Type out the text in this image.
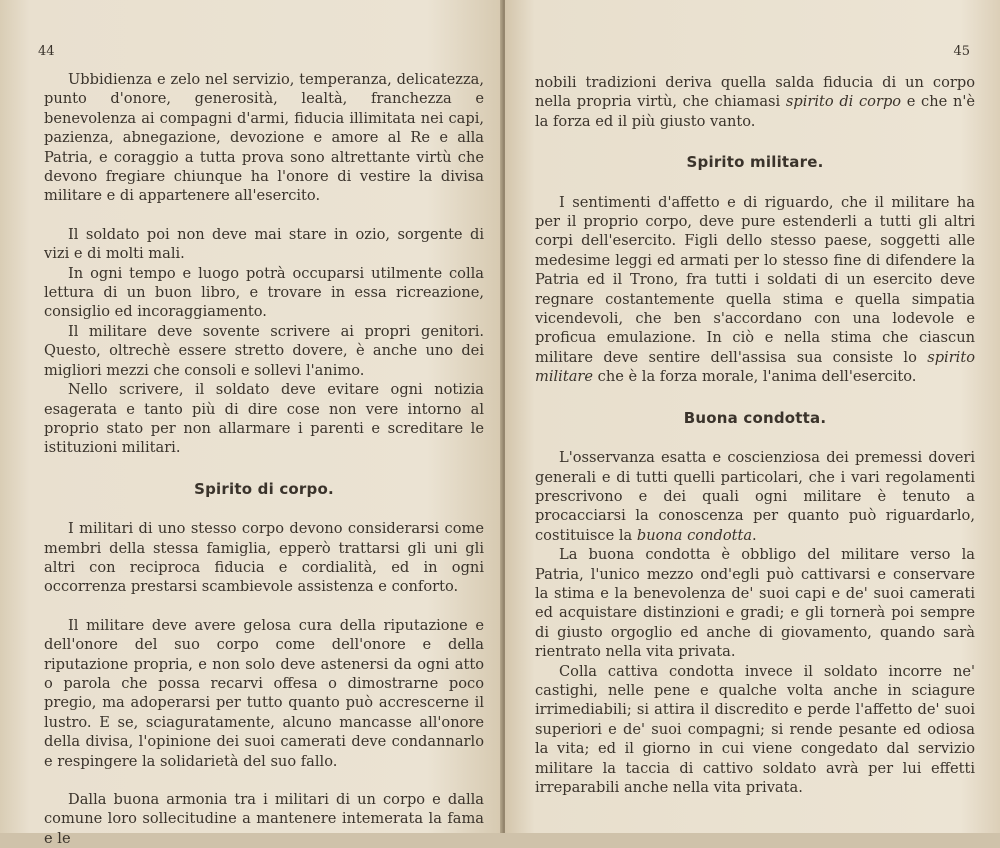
44

Ubbidienza e zelo nel servizio, temperanza, delicatezza, punto d'onore, generosità, lealtà, franchezza e benevolenza ai compagni d'armi, fiducia illimitata nei capi, pazienza, abnegazione, devozione e amore al Re e alla Patria, e coraggio a tutta prova sono altrettante virtù che devono fregiare chiunque ha l'onore di vestire la divisa militare e di appartenere all'esercito.

Il soldato poi non deve mai stare in ozio, sorgente di vizi e di molti mali.

In ogni tempo e luogo potrà occuparsi utilmente colla lettura di un buon libro, e trovare in essa ricreazione, consiglio ed incoraggiamento.

Il militare deve sovente scrivere ai propri genitori. Questo, oltrechè essere stretto dovere, è anche uno dei migliori mezzi che consoli e sollevi l'animo.

Nello scrivere, il soldato deve evitare ogni notizia esagerata e tanto più di dire cose non vere intorno al proprio stato per non allarmare i parenti e screditare le istituzioni militari.

Spirito di corpo.

I militari di uno stesso corpo devono considerarsi come membri della stessa famiglia, epperò trattarsi gli uni gli altri con reciproca fiducia e cordialità, ed in ogni occorrenza prestarsi scambievole assistenza e conforto.

Il militare deve avere gelosa cura della riputazione e dell'onore del suo corpo come dell'onore e della riputazione propria, e non solo deve astenersi da ogni atto o parola che possa recarvi offesa o dimostrarne poco pregio, ma adoperarsi per tutto quanto può accrescerne il lustro. E se, sciaguratamente, alcuno mancasse all'onore della divisa, l'opinione dei suoi camerati deve condannarlo e respingere la solidarietà del suo fallo.

Dalla buona armonia tra i militari di un corpo e dalla comune loro sollecitudine a mantenere intemerata la fama e le

45

nobili tradizioni deriva quella salda fiducia di un corpo nella propria virtù, che chiamasi spirito di corpo e che n'è la forza ed il più giusto vanto.

Spirito militare.

I sentimenti d'affetto e di riguardo, che il militare ha per il proprio corpo, deve pure estenderli a tutti gli altri corpi dell'esercito. Figli dello stesso paese, soggetti alle medesime leggi ed armati per lo stesso fine di difendere la Patria ed il Trono, fra tutti i soldati di un esercito deve regnare costantemente quella stima e quella simpatia vicendevoli, che ben s'accordano con una lodevole e proficua emulazione. In ciò e nella stima che ciascun militare deve sentire dell'assisa sua consiste lo spirito militare che è la forza morale, l'anima dell'esercito.

Buona condotta.

L'osservanza esatta e coscienziosa dei premessi doveri generali e di tutti quelli particolari, che i vari regolamenti prescrivono e dei quali ogni militare è tenuto a procacciarsi la conoscenza per quanto può riguardarlo, costituisce la buona condotta.

La buona condotta è obbligo del militare verso la Patria, l'unico mezzo ond'egli può cattivarsi e conservare la stima e la benevolenza de' suoi capi e de' suoi camerati ed acquistare distinzioni e gradi; e gli tornerà poi sempre di giusto orgoglio ed anche di giovamento, quando sarà rientrato nella vita privata.

Colla cattiva condotta invece il soldato incorre ne' castighi, nelle pene e qualche volta anche in sciagure irrimediabili; si attira il discredito e perde l'affetto de' suoi superiori e de' suoi compagni; si rende pesante ed odiosa la vita; ed il giorno in cui viene congedato dal servizio militare la taccia di cattivo soldato avrà per lui effetti irreparabili anche nella vita privata.
